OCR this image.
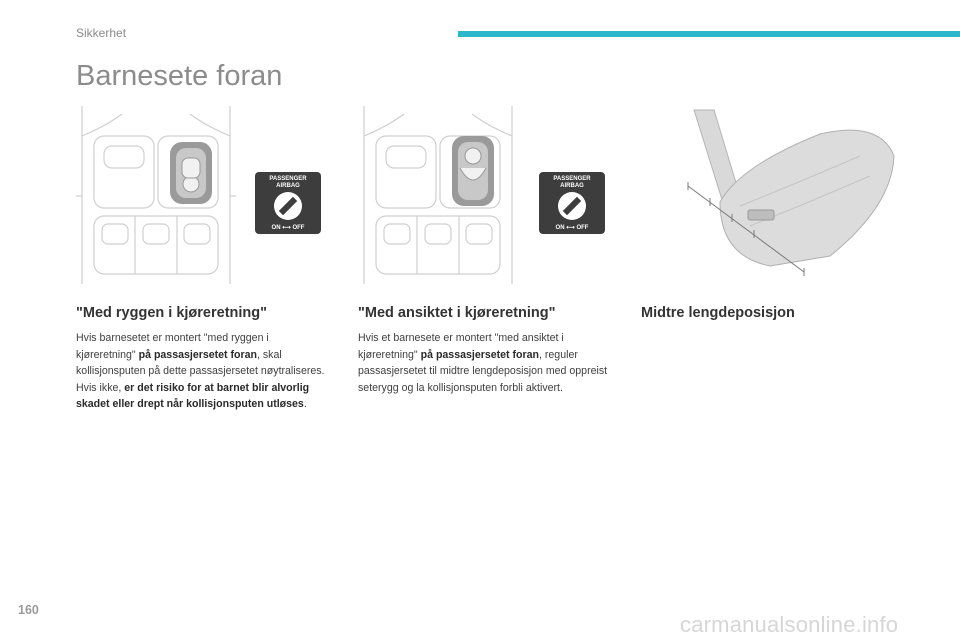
Sikkerhet
Barnesete foran
PASSENGER
AIRBAG
ON ⟷ OFF
PASSENGER
AIRBAG
ON ⟷ OFF
"Med ryggen i kjøreretning"

Hvis barnesetet er montert "med ryggen i kjøreretning" på passasjersetet foran, skal kollisjonsputen på dette passasjersetet nøytraliseres. Hvis ikke, er det risiko for at barnet blir alvorlig skadet eller drept når kollisjonsputen utløses.

"Med ansiktet i kjøreretning"

Hvis et barnesete er montert "med ansiktet i kjøreretning" på passasjersetet foran, reguler passasjersetet til midtre lengdeposisjon med oppreist seterygg og la kollisjonsputen forbli aktivert.

Midtre lengdeposisjon
160
carmanualsonline.info
